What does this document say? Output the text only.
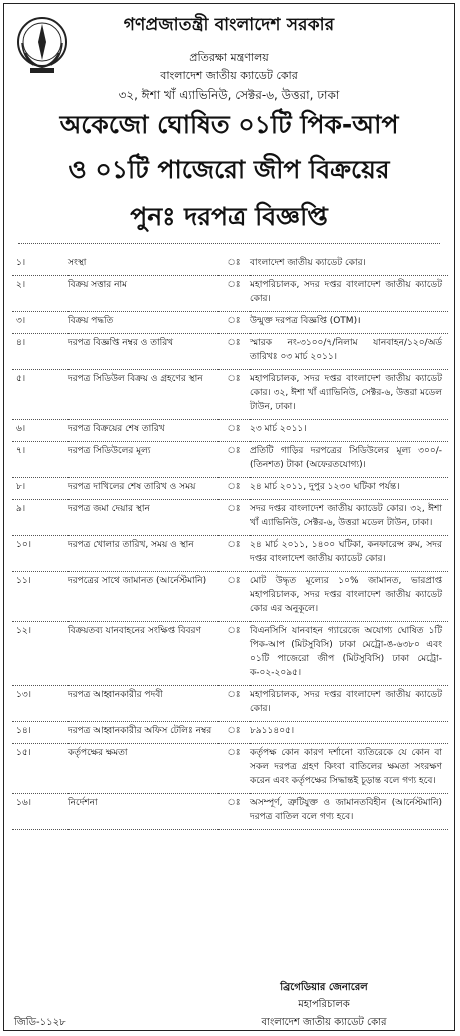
গণপ্রজাতন্ত্রী বাংলাদেশ সরকার
প্রতিরক্ষা মন্ত্রণালয়
বাংলাদেশ জাতীয় ক্যাডেট কোর
৩২, ঈশা খাঁ এ্যাভিনিউ, সেক্টর-৬, উত্তরা, ঢাকা
অকেজো ঘোষিত ০১টি পিক-আপ
ও ০১টি পাজেরো জীপ বিক্রয়ের
পুনঃ দরপত্র বিজ্ঞপ্তি
১।	সংস্থা	ঃ	বাংলাদেশ জাতীয় ক্যাডেট কোর।
২।	বিক্রয় সত্তার নাম	ঃ	মহাপরিচালক, সদর দপ্তর বাংলাদেশ জাতীয় ক্যাডেট কোর।
৩।	বিক্রয় পদ্ধতি	ঃ	উন্মুক্ত দরপত্র বিজ্ঞপ্তি (OTM)।
৪।	দরপত্র বিজ্ঞপ্তি নম্বর ও তারিখ	ঃ	স্মারক নং-৩১০০/৭/নিলাম যানবাহন/১২০/অর্ড তারিখঃ ০৩ মার্চ ২০১১।
৫।	দরপত্র সিডিউল বিক্রয় ও গ্রহণের স্থান	ঃ	মহাপরিচালক, সদর দপ্তর বাংলাদেশ জাতীয় ক্যাডেট কোর। ৩২, ঈশা খাঁ এ্যাভিনিউ, সেক্টর-৬, উত্তরা মডেল টাউন, ঢাকা।
৬।	দরপত্র বিক্রয়ের শেষ তারিখ	ঃ	২৩ মার্চ ২০১১।
৭।	দরপত্র সিডিউলের মূল্য	ঃ	প্রতিটি গাড়ির দরপত্রের সিডিউলের মূল্য ৩০০/- (তিনশত) টাকা (অফেরতযোগ্য)।
৮।	দরপত্র দাখিলের শেষ তারিখ ও সময়	ঃ	২৪ মার্চ ২০১১, দুপুর ১২৩০ ঘটিকা পর্যন্ত।
৯।	দরপত্র জমা দেয়ার স্থান	ঃ	সদর দপ্তর বাংলাদেশ জাতীয় ক্যাডেট কোর। ৩২, ঈশা খাঁ এ্যাভিনিউ, সেক্টর-৬, উত্তরা মডেল টাউন, ঢাকা।
১০।	দরপত্র খোলার তারিখ, সময় ও স্থান	ঃ	২৪ মার্চ ২০১১, ১৪০০ ঘটিকা, কনফারেন্স রুম, সদর দপ্তর বাংলাদেশ জাতীয় ক্যাডেট কোর।
১১।	দরপত্রের সাথে জামানত (আর্নেস্টমানি)	ঃ	মোট উদ্ধৃত মূল্যের ১০% জামানত, ভারপ্রাপ্ত মহাপরিচালক, সদর দপ্তর বাংলাদেশ জাতীয় ক্যাডেট কোর এর অনুকূলে।
১২।	বিক্রয়তব্য যানবাহনের সংক্ষিপ্ত বিবরণ	ঃ	বিএনসিসি যানবাহন গ্যারেজে অযোগ্য ঘোষিত ১টি পিক-আপ (মিটসুবিসি) ঢাকা মেট্রো-ঙ-৬৩৮০ এবং ০১টি পাজেরো জীপ (মিটসুবিসি) ঢাকা মেট্রো-ক-০২-২০৯৫।
১৩।	দরপত্র আহ্বানকারীর পদবী	ঃ	মহাপরিচালক, সদর দপ্তর বাংলাদেশ জাতীয় ক্যাডেট কোর।
১৪।	দরপত্র আহ্বানকারীর অফিস টেলিঃ নম্বর	ঃ	৮৯১১৪০৫।
১৫।	কর্তৃপক্ষের ক্ষমতা	ঃ	কর্তৃপক্ষ কোন কারণ দর্শানো ব্যতিরেকে যে কোন বা সকল দরপত্র গ্রহণ কিংবা বাতিলের ক্ষমতা সংরক্ষণ করেন এবং কর্তৃপক্ষের সিদ্ধান্তই চূড়ান্ত বলে গণ্য হবে।
১৬।	নির্দেশনা	ঃ	অসম্পূর্ণ, ত্রুটিযুক্ত ও জামানতবিহীন (আর্নেস্টমানি) দরপত্র বাতিল বলে গণ্য হবে।
ব্রিগেডিয়ার জেনারেল
মহাপরিচালক
বাংলাদেশ জাতীয় ক্যাডেট কোর
জিডি-১১২৮
